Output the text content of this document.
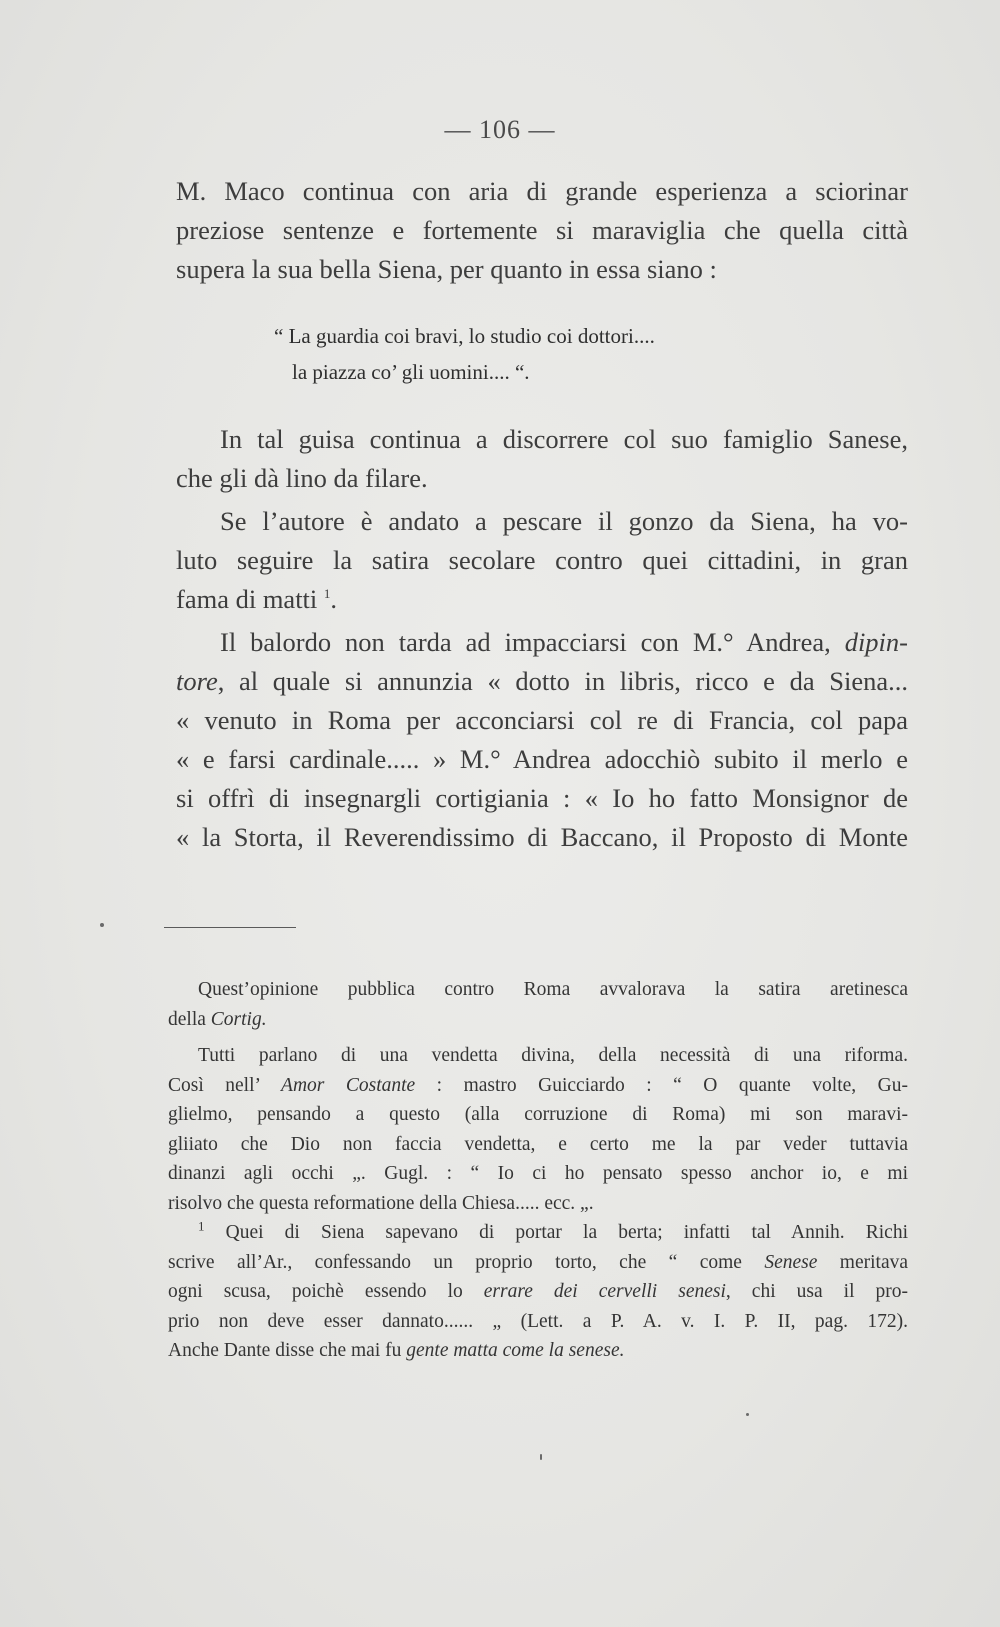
— 106 —
M. Maco continua con aria di grande esperienza a sciorinar
preziose sentenze e fortemente si maraviglia che quella città
supera la sua bella Siena, per quanto in essa siano :
“ La guardia coi bravi, lo studio coi dottori....
la piazza co’ gli uomini.... “.
In tal guisa continua a discorrere col suo famiglio Sanese,
che gli dà lino da filare.
Se l’autore è andato a pescare il gonzo da Siena, ha vo-
luto seguire la satira secolare contro quei cittadini, in gran
fama di matti $^1$.
Il balordo non tarda ad impacciarsi con M.° Andrea, dipin-
tore, al quale si annunzia « dotto in libris, ricco e da Siena...
« venuto in Roma per acconciarsi col re di Francia, col papa
« e farsi cardinale..... » M.° Andrea adocchiò subito il merlo e
si offrì di insegnargli cortigiania : « Io ho fatto Monsignor de
« la Storta, il Reverendissimo di Baccano, il Proposto di Monte
Quest’opinione pubblica contro Roma avvalorava la satira aretinesca
della Cortig.
Tutti parlano di una vendetta divina, della necessità di una riforma.
Così nell’ Amor Costante : mastro Guicciardo : “ O quante volte, Gu-
glielmo, pensando a questo (alla corruzione di Roma) mi son maravi-
gliiato che Dio non faccia vendetta, e certo me la par veder tuttavia
dinanzi agli occhi „. Gugl. : “ Io ci ho pensato spesso anchor io, e mi
risolvo che questa reformatione della Chiesa..... ecc. „.
$^1$ Quei di Siena sapevano di portar la berta; infatti tal Annih. Richi
scrive all’Ar., confessando un proprio torto, che “ come Senese meritava
ogni scusa, poichè essendo lo errare dei cervelli senesi, chi usa il pro-
prio non deve esser dannato...... „ (Lett. a P. A. v. I. P. II, pag. 172).
Anche Dante disse che mai fu gente matta come la senese.
